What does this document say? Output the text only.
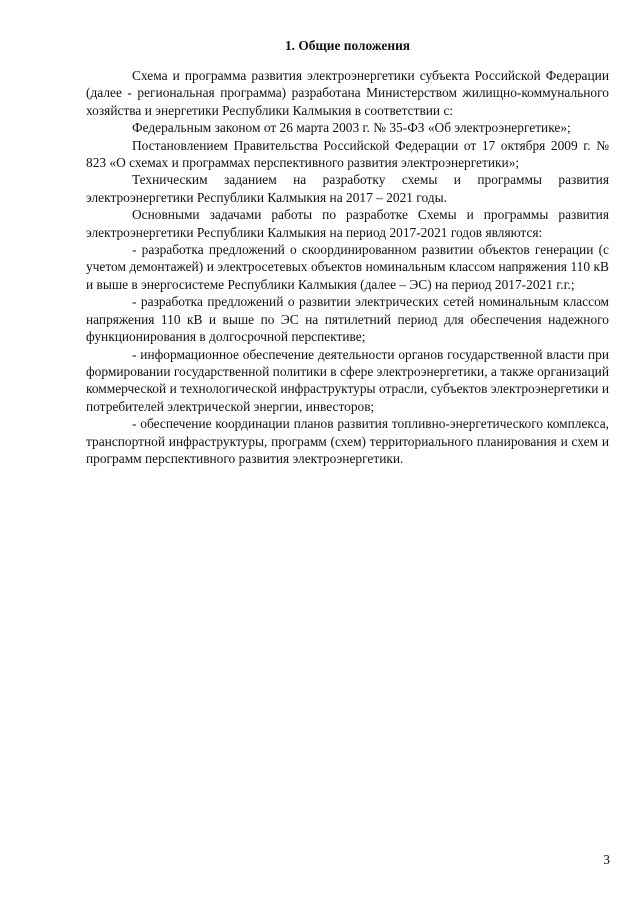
1. Общие положения

Схема и программа развития электроэнергетики субъекта Российской Федерации (далее - региональная программа) разработана Министерством жилищно-коммунального хозяйства и энергетики Республики Калмыкия в соответствии с:

Федеральным законом от 26 марта 2003 г. № 35-ФЗ «Об электроэнергетике»;

Постановлением Правительства Российской Федерации от 17 октября 2009 г. № 823 «О схемах и программах перспективного развития электроэнергетики»;

Техническим заданием на разработку схемы и программы развития электроэнергетики Республики Калмыкия на 2017 – 2021 годы.

Основными задачами работы по разработке Схемы и программы развития электроэнергетики Республики Калмыкия на период 2017-2021 годов являются:

- разработка предложений о скоординированном развитии объектов генерации (с учетом демонтажей) и электросетевых объектов номинальным классом напряжения 110 кВ и выше в энергосистеме Республики Калмыкия (далее – ЭС) на период 2017-2021 г.г.;

- разработка предложений о развитии электрических сетей номинальным классом напряжения 110 кВ и выше по ЭС на пятилетний период для обеспечения надежного функционирования в долгосрочной перспективе;

- информационное обеспечение деятельности органов государственной власти при формировании государственной политики в сфере электроэнергетики, а также организаций коммерческой и технологической инфраструктуры отрасли, субъектов электроэнергетики и потребителей электрической энергии, инвесторов;

- обеспечение координации планов развития топливно-энергетического комплекса, транспортной инфраструктуры, программ (схем) территориального планирования и схем и программ перспективного развития электроэнергетики.

3
